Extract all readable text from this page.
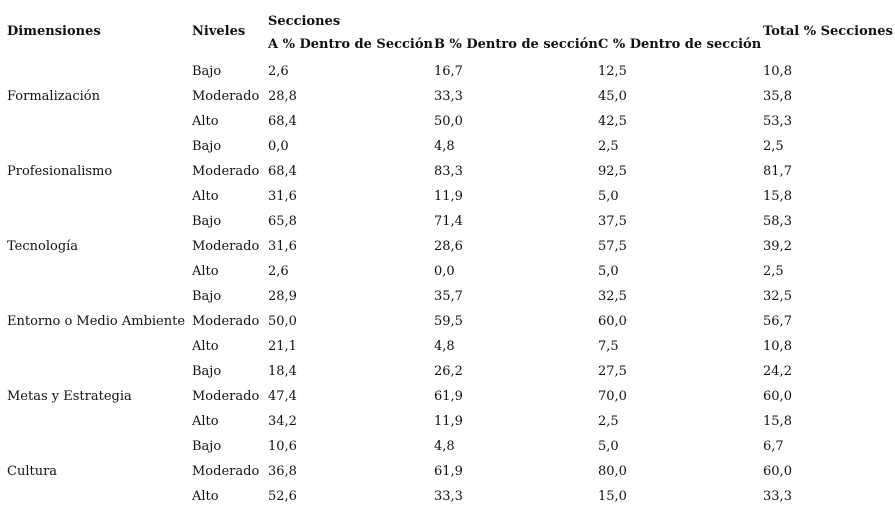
Dimensiones	Niveles	Secciones			Total % Secciones
		A % Dentro de Sección	B % Dentro de sección	C % Dentro de sección	
Formalización	Bajo	2,6	16,7	12,5	10,8
	Moderado	28,8	33,3	45,0	35,8
	Alto	68,4	50,0	42,5	53,3
Profesionalismo	Bajo	0,0	4,8	2,5	2,5
	Moderado	68,4	83,3	92,5	81,7
	Alto	31,6	11,9	5,0	15,8
Tecnología	Bajo	65,8	71,4	37,5	58,3
	Moderado	31,6	28,6	57,5	39,2
	Alto	2,6	0,0	5,0	2,5
Entorno o Medio Ambiente	Bajo	28,9	35,7	32,5	32,5
	Moderado	50,0	59,5	60,0	56,7
	Alto	21,1	4,8	7,5	10,8
Metas y Estrategia	Bajo	18,4	26,2	27,5	24,2
	Moderado	47,4	61,9	70,0	60,0
	Alto	34,2	11,9	2,5	15,8
Cultura	Bajo	10,6	4,8	5,0	6,7
	Moderado	36,8	61,9	80,0	60,0
	Alto	52,6	33,3	15,0	33,3
